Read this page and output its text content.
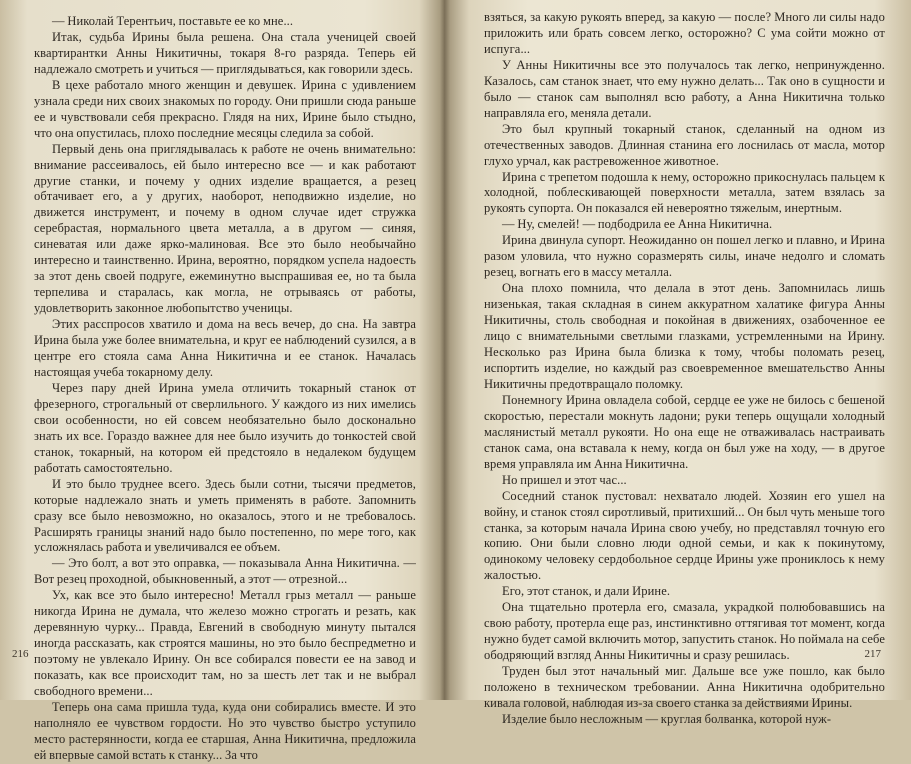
— Николай Терентьич, поставьте ее ко мне...

Итак, судьба Ирины была решена. Она стала ученицей своей квартирантки Анны Никитичны, токаря 8-го разряда. Теперь ей надлежало смотреть и учиться — приглядываться, как говорили здесь.

В цехе работало много женщин и девушек. Ирина с удивлением узнала среди них своих знакомых по городу. Они пришли сюда раньше ее и чувствовали себя прекрасно. Глядя на них, Ирине было стыдно, что она опустилась, плохо последние месяцы следила за собой.

Первый день она приглядывалась к работе не очень внимательно: внимание рассеивалось, ей было интересно все — и как работают другие станки, и почему у одних изделие вращается, а резец обтачивает его, а у других, наоборот, неподвижно изделие, но движется инструмент, и почему в одном случае идет стружка серебрастая, нормального цвета металла, а в другом — синяя, синеватая или даже ярко-малиновая. Все это было необычайно интересно и таинственно. Ирина, вероятно, порядком успела надоесть за этот день своей подруге, ежеминутно выспрашивая ее, но та была терпелива и старалась, как могла, не отрываясь от работы, удовлетворить законное любопытство ученицы.

Этих расспросов хватило и дома на весь вечер, до сна. На завтра Ирина была уже более внимательна, и круг ее наблюдений сузился, а в центре его стояла сама Анна Никитична и ее станок. Началась настоящая учеба токарному делу.

Через пару дней Ирина умела отличить токарный станок от фрезерного, строгальный от сверлильного. У каждого из них имелись свои особенности, но ей совсем необязательно было досконально знать их все. Гораздо важнее для нее было изучить до тонкостей свой станок, токарный, на котором ей предстояло в недалеком будущем работать самостоятельно.

И это было труднее всего. Здесь были сотни, тысячи предметов, которые надлежало знать и уметь применять в работе. Запомнить сразу все было невозможно, но оказалось, этого и не требовалось. Расширять границы знаний надо было постепенно, по мере того, как усложнялась работа и увеличивался ее объем.

— Это болт, а вот это оправка, — показывала Анна Никитична. — Вот резец проходной, обыкновенный, а этот — отрезной...

Ух, как все это было интересно! Металл грыз металл — раньше никогда Ирина не думала, что железо можно строгать и резать, как деревянную чурку... Правда, Евгений в свободную минуту пытался иногда рассказать, как строятся машины, но это было беспредметно и поэтому не увлекало Ирину. Он все собирался повести ее на завод и показать, как все происходит там, но за шесть лет так и не выбрал свободного времени...

Теперь она сама пришла туда, куда они собирались вместе. И это наполняло ее чувством гордости. Но это чувство быстро уступило место растерянности, когда ее старшая, Анна Никитична, предложила ей впервые самой встать к станку... За что

216

взяться, за какую рукоять вперед, за какую — после? Много ли силы надо приложить или брать совсем легко, осторожно? С ума сойти можно от испуга...

У Анны Никитичны все это получалось так легко, непринужденно. Казалось, сам станок знает, что ему нужно делать... Так оно в сущности и было — станок сам выполнял всю работу, а Анна Никитична только направляла его, меняла детали.

Это был крупный токарный станок, сделанный на одном из отечественных заводов. Длинная станина его лоснилась от масла, мотор глухо урчал, как растревоженное животное.

Ирина с трепетом подошла к нему, осторожно прикоснулась пальцем к холодной, поблескивающей поверхности металла, затем взялась за рукоять супорта. Он показался ей невероятно тяжелым, инертным.

— Ну, смелей! — подбодрила ее Анна Никитична.

Ирина двинула супорт. Неожиданно он пошел легко и плавно, и Ирина разом уловила, что нужно соразмерять силы, иначе недолго и сломать резец, вогнать его в массу металла.

Она плохо помнила, что делала в этот день. Запомнилась лишь низенькая, такая складная в синем аккуратном халатике фигура Анны Никитичны, столь свободная и покойная в движениях, озабоченное ее лицо с внимательными светлыми глазками, устремленными на Ирину. Несколько раз Ирина была близка к тому, чтобы поломать резец, испортить изделие, но каждый раз своевременное вмешательство Анны Никитичны предотвращало поломку.

Понемногу Ирина овладела собой, сердце ее уже не билось с бешеной скоростью, перестали мокнуть ладони; руки теперь ощущали холодный маслянистый металл рукояти. Но она еще не отваживалась настраивать станок сама, она вставала к нему, когда он был уже на ходу, — в другое время управляла им Анна Никитична.

Но пришел и этот час...

Соседний станок пустовал: нехватало людей. Хозяин его ушел на войну, и станок стоял сиротливый, притихший... Он был чуть меньше того станка, за которым начала Ирина свою учебу, но представлял точную его копию. Они были словно люди одной семьи, и как к покинутому, одинокому человеку сердобольное сердце Ирины уже прониклось к нему жалостью.

Его, этот станок, и дали Ирине.

Она тщательно протерла его, смазала, украдкой полюбовавшись на свою работу, протерла еще раз, инстинктивно оттягивая тот момент, когда нужно будет самой включить мотор, запустить станок. Но поймала на себе ободряющий взгляд Анны Никитичны и сразу решилась.

Труден был этот начальный миг. Дальше все уже пошло, как было положено в техническом требовании. Анна Никитична одобрительно кивала головой, наблюдая из-за своего станка за действиями Ирины.

Изделие было несложным — круглая болванка, которой нуж-

217
